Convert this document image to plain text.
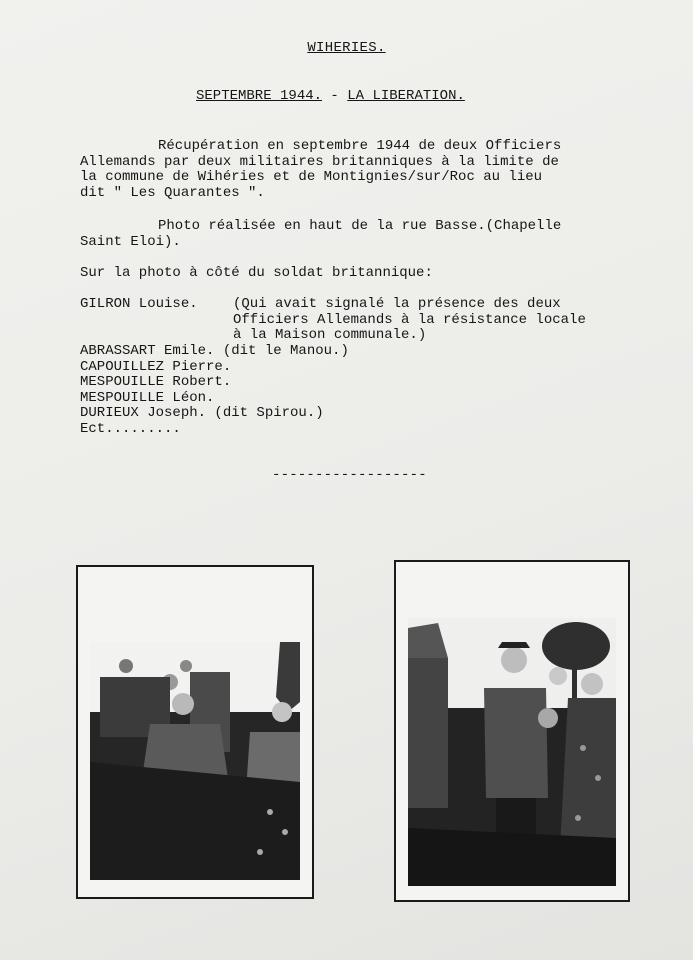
WIHERIES.
SEPTEMBRE 1944. - LA LIBERATION.
Récupération en septembre 1944 de deux Officiers
Allemands par deux militaires britanniques à la limite de
la commune de Wihéries et de Montignies/sur/Roc au lieu
dit " Les Quarantes ".
Photo réalisée en haut de la rue Basse.(Chapelle
Saint Eloi).
Sur la photo à côté du soldat britannique:
GILRON Louise.	(Qui avait signalé la présence des deux
Officiers Allemands à la résistance locale
à la Maison communale.)
ABRASSART Emile. (dit le Manou.)
CAPOUILLEZ Pierre.
MESPOUILLE Robert.
MESPOUILLE Léon.
DURIEUX Joseph. (dit Spirou.)
Ect.........
------------------
